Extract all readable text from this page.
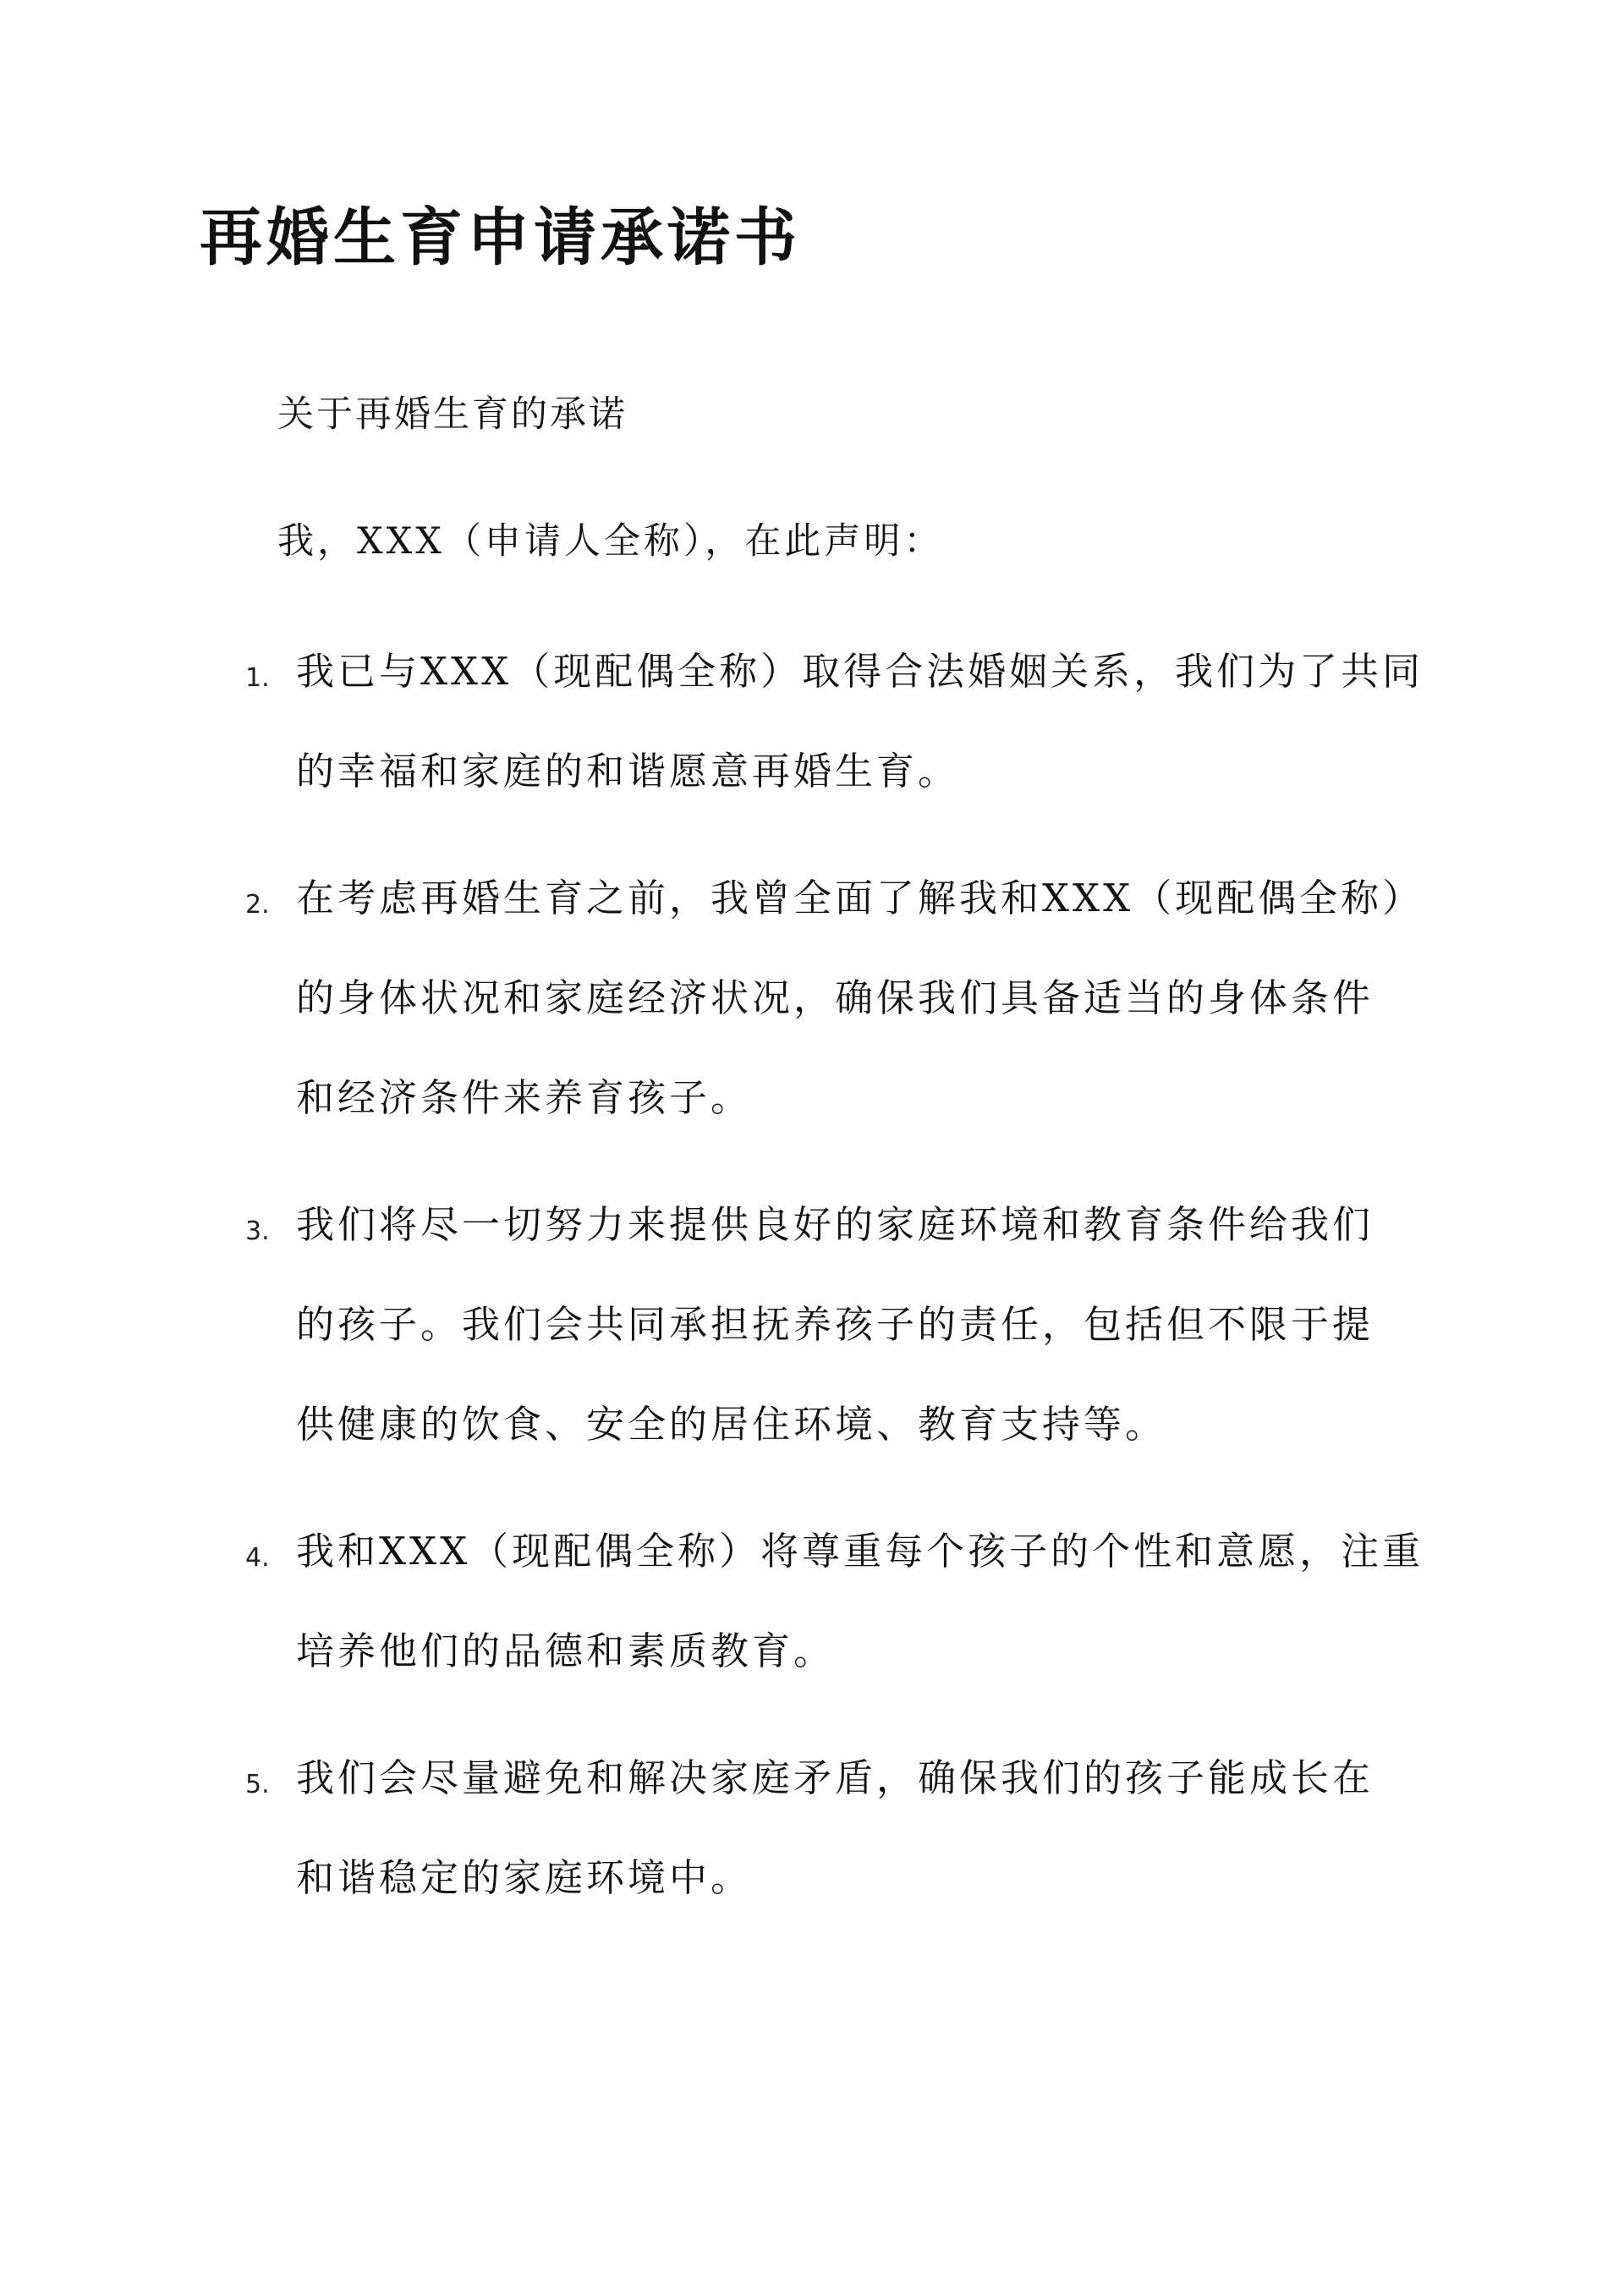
再婚生育申请承诺书

关于再婚生育的承诺

我，XXX（申请人全称），在此声明：

1. 我已与XXX（现配偶全称）取得合法婚姻关系，我们为了共同
的幸福和家庭的和谐愿意再婚生育。
2. 在考虑再婚生育之前，我曾全面了解我和XXX（现配偶全称）
的身体状况和家庭经济状况，确保我们具备适当的身体条件
和经济条件来养育孩子。
3. 我们将尽一切努力来提供良好的家庭环境和教育条件给我们
的孩子。我们会共同承担抚养孩子的责任，包括但不限于提
供健康的饮食、安全的居住环境、教育支持等。
4. 我和XXX（现配偶全称）将尊重每个孩子的个性和意愿，注重
培养他们的品德和素质教育。
5. 我们会尽量避免和解决家庭矛盾，确保我们的孩子能成长在
和谐稳定的家庭环境中。
